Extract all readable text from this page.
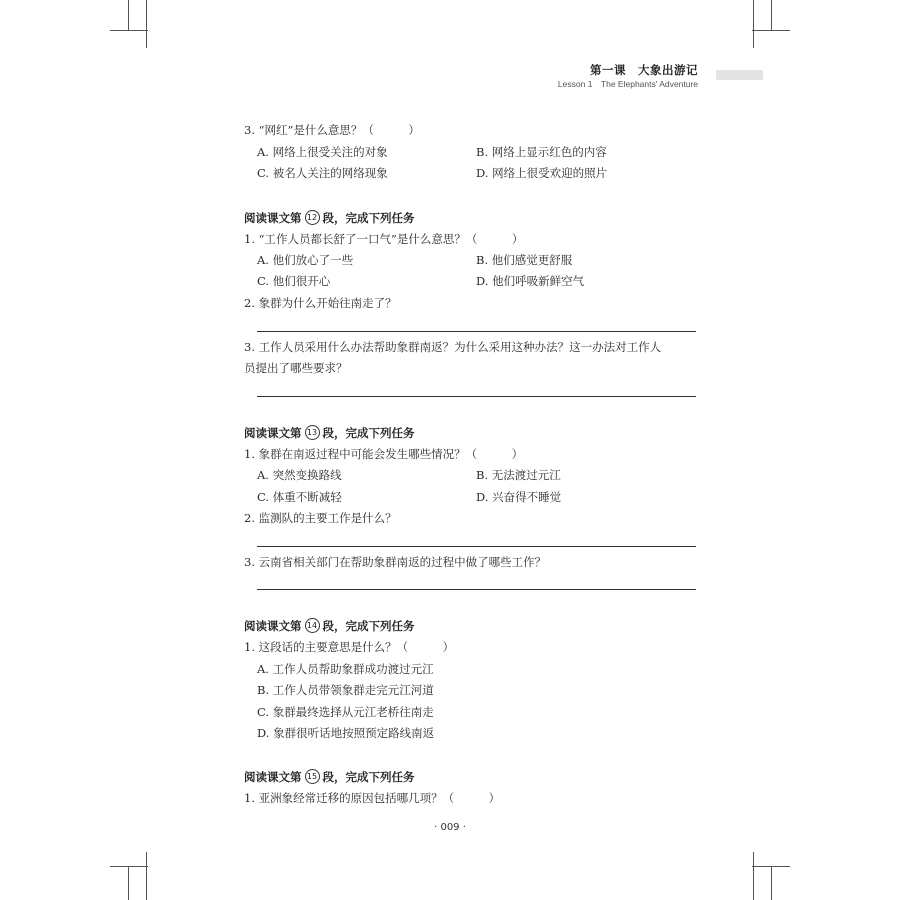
第一课　大象出游记
Lesson 1　The Elephants' Adventure
3. “网红”是什么意思？（　　　）
A. 网络上很受关注的对象	B. 网络上显示红色的内容
C. 被名人关注的网络现象	D. 网络上很受欢迎的照片
阅读课文第 12 段，完成下列任务
1. “工作人员都长舒了一口气”是什么意思？（　　　）
A. 他们放心了一些	B. 他们感觉更舒服
C. 他们很开心	D. 他们呼吸新鲜空气
2. 象群为什么开始往南走了？
3. 工作人员采用什么办法帮助象群南返？为什么采用这种办法？这一办法对工作人
员提出了哪些要求？
阅读课文第 13 段，完成下列任务
1. 象群在南返过程中可能会发生哪些情况？（　　　）
A. 突然变换路线	B. 无法渡过元江
C. 体重不断减轻	D. 兴奋得不睡觉
2. 监测队的主要工作是什么？
3. 云南省相关部门在帮助象群南返的过程中做了哪些工作？
阅读课文第 14 段，完成下列任务
1. 这段话的主要意思是什么？（　　　）
A. 工作人员帮助象群成功渡过元江
B. 工作人员带领象群走完元江河道
C. 象群最终选择从元江老桥往南走
D. 象群很听话地按照预定路线南返
阅读课文第 15 段，完成下列任务
1. 亚洲象经常迁移的原因包括哪几项？（　　　）
· 009 ·
